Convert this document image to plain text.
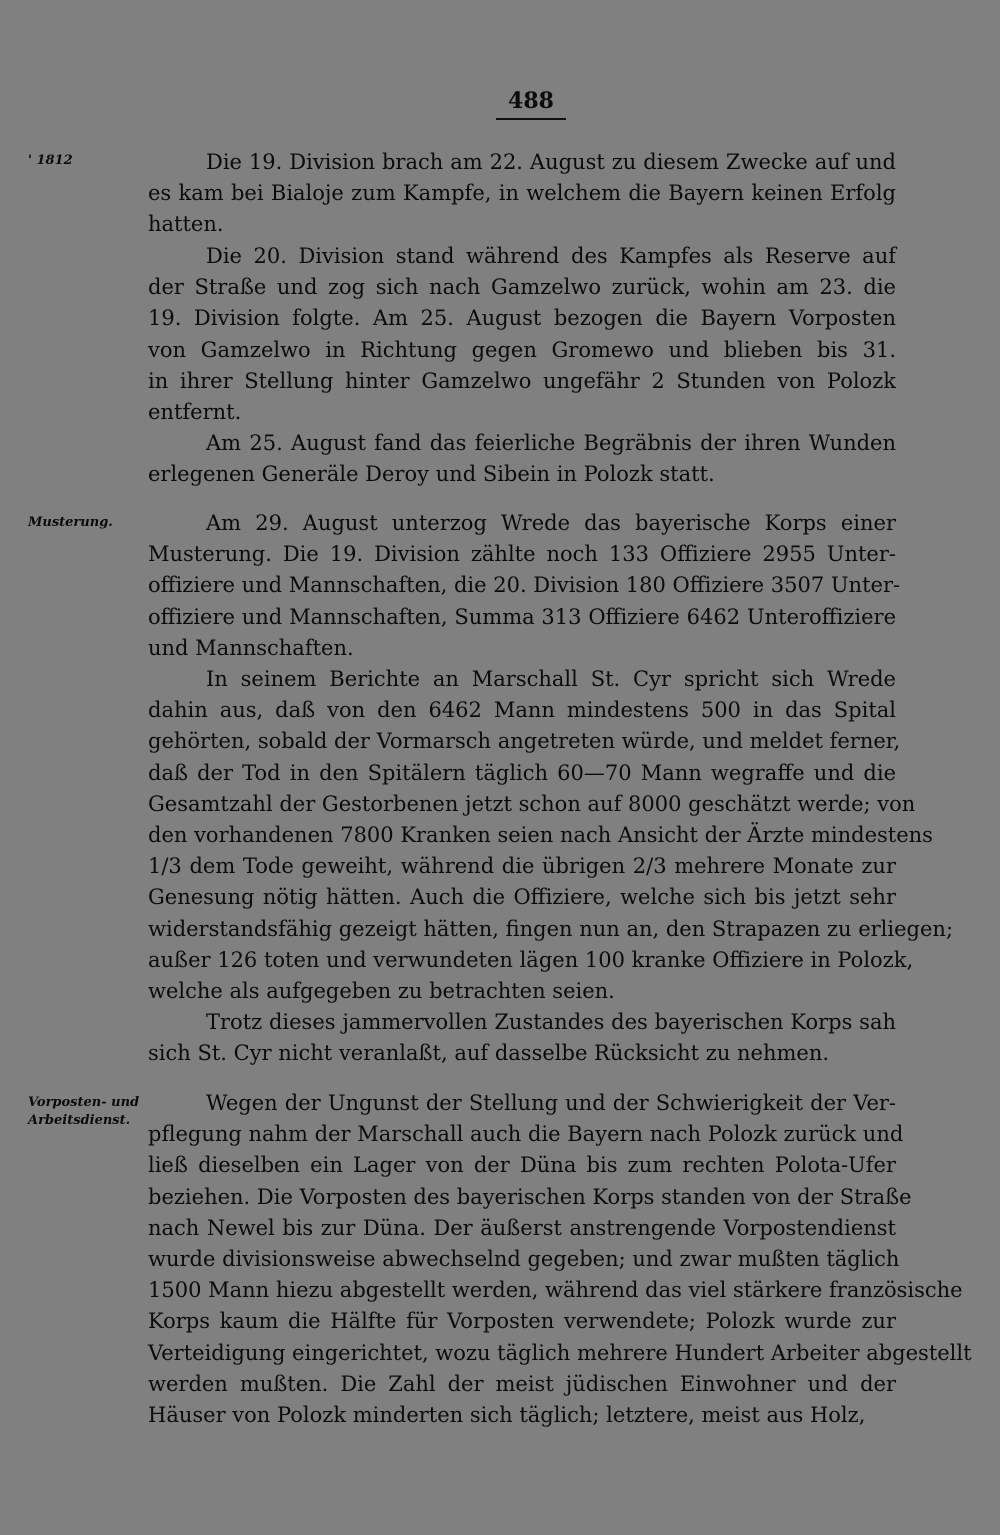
488
' 1812
Musterung.
Vorposten- und
Arbeitsdienst.
Die 19. Division brach am 22. August zu diesem Zwecke auf und
es kam bei Bialoje zum Kampfe, in welchem die Bayern keinen Erfolg
hatten.
Die 20. Division stand während des Kampfes als Reserve auf
der Straße und zog sich nach Gamzelwo zurück, wohin am 23. die
19. Division folgte. Am 25. August bezogen die Bayern Vorposten
von Gamzelwo in Richtung gegen Gromewo und blieben bis 31.
in ihrer Stellung hinter Gamzelwo ungefähr 2 Stunden von Polozk
entfernt.
Am 25. August fand das feierliche Begräbnis der ihren Wunden
erlegenen Generäle Deroy und Sibein in Polozk statt.
Am 29. August unterzog Wrede das bayerische Korps einer
Musterung. Die 19. Division zählte noch 133 Offiziere 2955 Unter-
offiziere und Mannschaften, die 20. Division 180 Offiziere 3507 Unter-
offiziere und Mannschaften, Summa 313 Offiziere 6462 Unteroffiziere
und Mannschaften.
In seinem Berichte an Marschall St. Cyr spricht sich Wrede
dahin aus, daß von den 6462 Mann mindestens 500 in das Spital
gehörten, sobald der Vormarsch angetreten würde, und meldet ferner,
daß der Tod in den Spitälern täglich 60—70 Mann wegraffe und die
Gesamtzahl der Gestorbenen jetzt schon auf 8000 geschätzt werde; von
den vorhandenen 7800 Kranken seien nach Ansicht der Ärzte mindestens
1/3 dem Tode geweiht, während die übrigen 2/3 mehrere Monate zur
Genesung nötig hätten. Auch die Offiziere, welche sich bis jetzt sehr
widerstandsfähig gezeigt hätten, fingen nun an, den Strapazen zu erliegen;
außer 126 toten und verwundeten lägen 100 kranke Offiziere in Polozk,
welche als aufgegeben zu betrachten seien.
Trotz dieses jammervollen Zustandes des bayerischen Korps sah
sich St. Cyr nicht veranlaßt, auf dasselbe Rücksicht zu nehmen.
Wegen der Ungunst der Stellung und der Schwierigkeit der Ver-
pflegung nahm der Marschall auch die Bayern nach Polozk zurück und
ließ dieselben ein Lager von der Düna bis zum rechten Polota-Ufer
beziehen. Die Vorposten des bayerischen Korps standen von der Straße
nach Newel bis zur Düna. Der äußerst anstrengende Vorpostendienst
wurde divisionsweise abwechselnd gegeben; und zwar mußten täglich
1500 Mann hiezu abgestellt werden, während das viel stärkere französische
Korps kaum die Hälfte für Vorposten verwendete; Polozk wurde zur
Verteidigung eingerichtet, wozu täglich mehrere Hundert Arbeiter abgestellt
werden mußten. Die Zahl der meist jüdischen Einwohner und der
Häuser von Polozk minderten sich täglich; letztere, meist aus Holz,
